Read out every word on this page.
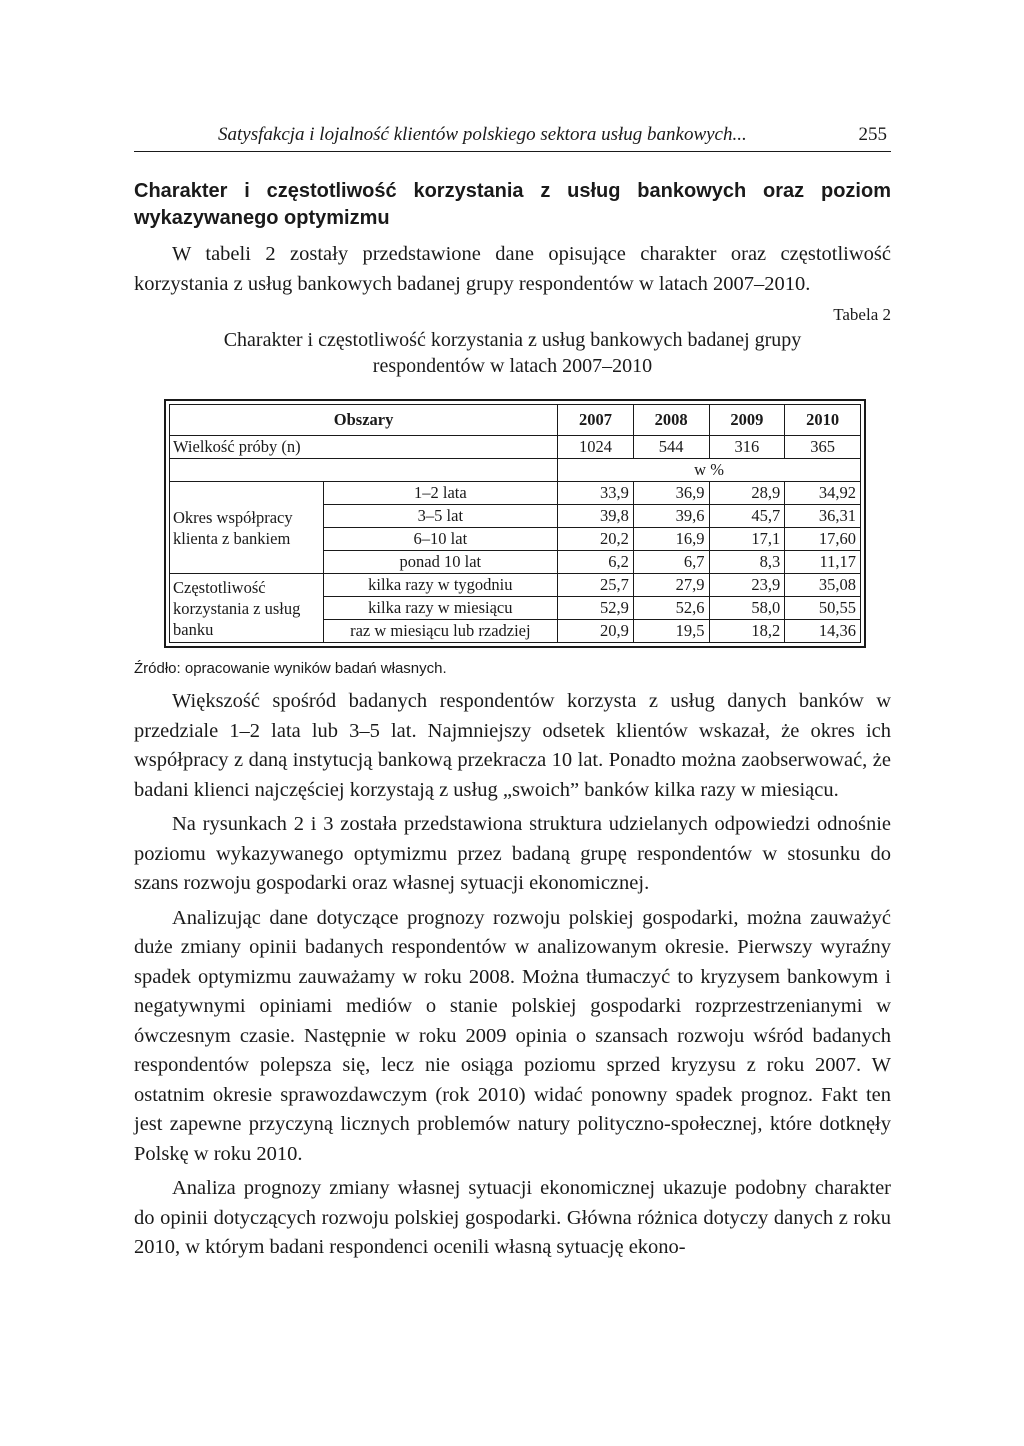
Satysfakcja i lojalność klientów polskiego sektora usług bankowych...	255
Charakter i częstotliwość korzystania z usług bankowych oraz poziom wykazywanego optymizmu

W tabeli 2 zostały przedstawione dane opisujące charakter oraz częstotliwość korzystania z usług bankowych badanej grupy respondentów w latach 2007–2010.

Tabela 2
Charakter i częstotliwość korzystania z usług bankowych badanej grupy respondentów w latach 2007–2010
Obszary		2007	2008	2009	2010
Wielkość próby (n)		1024	544	316	365
		w %			
Okres współpracy klienta z bankiem	1–2 lata	33,9	36,9	28,9	34,92
	3–5 lat	39,8	39,6	45,7	36,31
	6–10 lat	20,2	16,9	17,1	17,60
	ponad 10 lat	6,2	6,7	8,3	11,17
Częstotliwość korzystania z usług banku	kilka razy w tygodniu	25,7	27,9	23,9	35,08
	kilka razy w miesiącu	52,9	52,6	58,0	50,55
	raz w miesiącu lub rzadziej	20,9	19,5	18,2	14,36
Źródło: opracowanie wyników badań własnych.

Większość spośród badanych respondentów korzysta z usług danych banków w przedziale 1–2 lata lub 3–5 lat. Najmniejszy odsetek klientów wskazał, że okres ich współpracy z daną instytucją bankową przekracza 10 lat. Ponadto można zaobserwować, że badani klienci najczęściej korzystają z usług „swoich” banków kilka razy w miesiącu.

Na rysunkach 2 i 3 została przedstawiona struktura udzielanych odpowiedzi odnośnie poziomu wykazywanego optymizmu przez badaną grupę respondentów w stosunku do szans rozwoju gospodarki oraz własnej sytuacji ekonomicznej.

Analizując dane dotyczące prognozy rozwoju polskiej gospodarki, można zauważyć duże zmiany opinii badanych respondentów w analizowanym okresie. Pierwszy wyraźny spadek optymizmu zauważamy w roku 2008. Można tłumaczyć to kryzysem bankowym i negatywnymi opiniami mediów o stanie polskiej gospodarki rozprzestrzenianymi w ówczesnym czasie. Następnie w roku 2009 opinia o szansach rozwoju wśród badanych respondentów polepsza się, lecz nie osiąga poziomu sprzed kryzysu z roku 2007. W ostatnim okresie sprawozdawczym (rok 2010) widać ponowny spadek prognoz. Fakt ten jest zapewne przyczyną licznych problemów natury polityczno-społecznej, które dotknęły Polskę w roku 2010.

Analiza prognozy zmiany własnej sytuacji ekonomicznej ukazuje podobny charakter do opinii dotyczących rozwoju polskiej gospodarki. Główna różnica dotyczy danych z roku 2010, w którym badani respondenci ocenili własną sytuację ekono-
